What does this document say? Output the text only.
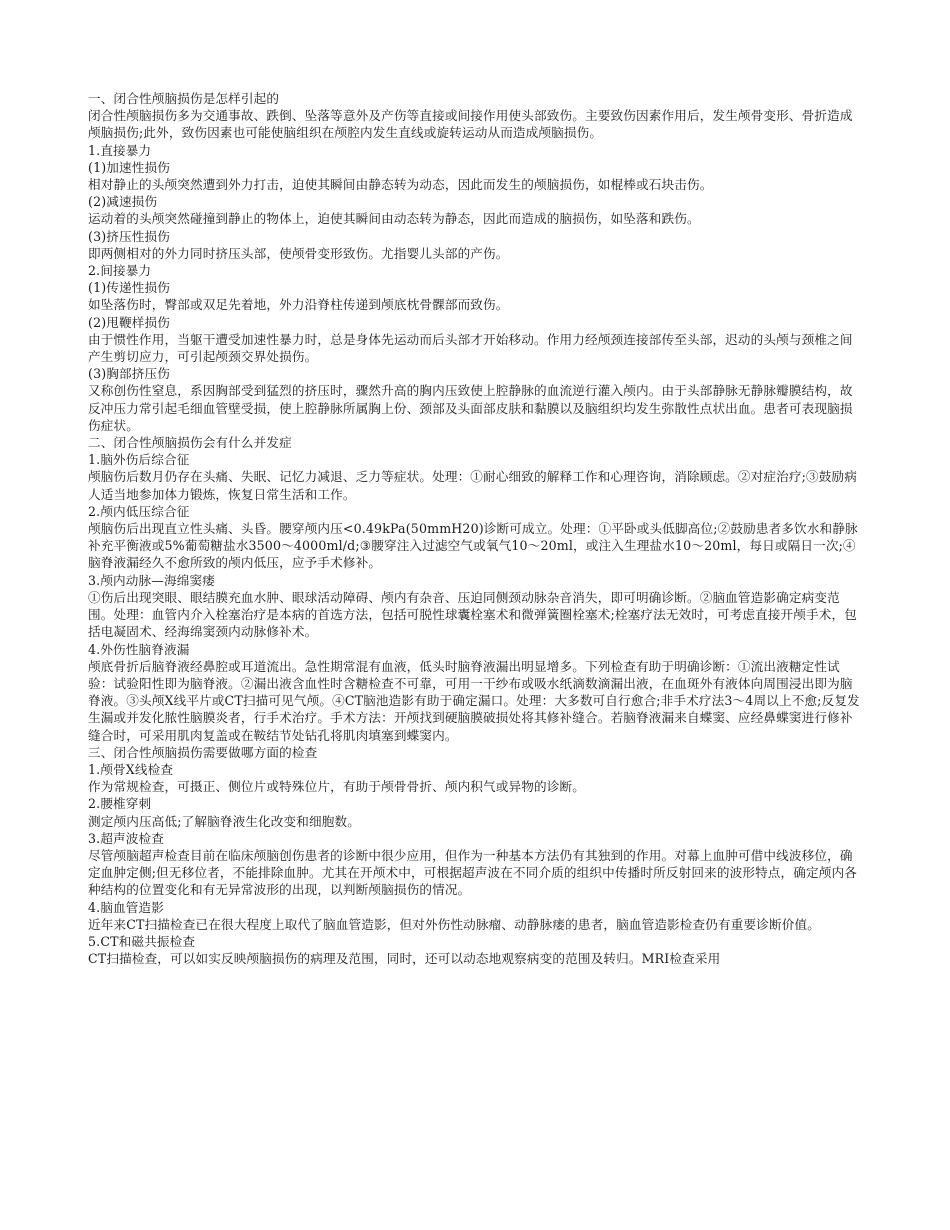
一、闭合性颅脑损伤是怎样引起的

闭合性颅脑损伤多为交通事故、跌倒、坠落等意外及产伤等直接或间接作用使头部致伤。主要致伤因素作用后，发生颅骨变形、骨折造成颅脑损伤;此外，致伤因素也可能使脑组织在颅腔内发生直线或旋转运动从而造成颅脑损伤。

1.直接暴力

(1)加速性损伤

相对静止的头颅突然遭到外力打击，迫使其瞬间由静态转为动态，因此而发生的颅脑损伤，如棍棒或石块击伤。

(2)减速损伤

运动着的头颅突然碰撞到静止的物体上，迫使其瞬间由动态转为静态，因此而造成的脑损伤，如坠落和跌伤。

(3)挤压性损伤

即两侧相对的外力同时挤压头部，使颅骨变形致伤。尤指婴儿头部的产伤。

2.间接暴力

(1)传递性损伤

如坠落伤时，臀部或双足先着地，外力沿脊柱传递到颅底枕骨髁部而致伤。

(2)甩鞭样损伤

由于惯性作用，当躯干遭受加速性暴力时，总是身体先运动而后头部才开始移动。作用力经颅颈连接部传至头部，迟动的头颅与颈椎之间产生剪切应力，可引起颅颈交界处损伤。

(3)胸部挤压伤

又称创伤性窒息，系因胸部受到猛烈的挤压时，骤然升高的胸内压致使上腔静脉的血流逆行灌入颅内。由于头部静脉无静脉瓣膜结构，故反冲压力常引起毛细血管壁受损，使上腔静脉所属胸上份、颈部及头面部皮肤和黏膜以及脑组织均发生弥散性点状出血。患者可表现脑损伤症状。

二、闭合性颅脑损伤会有什么并发症

1.脑外伤后综合征

颅脑伤后数月仍存在头痛、失眠、记忆力减退、乏力等症状。处理：①耐心细致的解释工作和心理咨询，消除顾虑。②对症治疗;③鼓励病人适当地参加体力锻炼，恢复日常生活和工作。

2.颅内低压综合征

颅脑伤后出现直立性头痛、头昏。腰穿颅内压<0.49kPa(50mmH20)诊断可成立。处理：①平卧或头低脚高位;②鼓励患者多饮水和静脉补充平衡液或5%葡萄糖盐水3500～4000ml/d;③腰穿注入过滤空气或氧气10～20ml，或注入生理盐水10～20ml，每日或隔日一次;④脑脊液漏经久不愈所致的颅内低压，应予手术修补。

3.颅内动脉—海绵窦瘘

①伤后出现突眼、眼结膜充血水肿、眼球活动障碍、颅内有杂音、压迫同侧颈动脉杂音消失，即可明确诊断。②脑血管造影确定病变范围。处理：血管内介入栓塞治疗是本病的首选方法，包括可脱性球囊栓塞术和微弹簧圈栓塞术;栓塞疗法无效时，可考虑直接开颅手术，包括电凝固术、经海绵窦颈内动脉修补术。

4.外伤性脑脊液漏

颅底骨折后脑脊液经鼻腔或耳道流出。急性期常混有血液，低头时脑脊液漏出明显增多。下列检查有助于明确诊断：①流出液糖定性试验：试验阳性即为脑脊液。②漏出液含血性时含糖检查不可靠，可用一干纱布或吸水纸滴数滴漏出液，在血斑外有液体向周围浸出即为脑脊液。③头颅X线平片或CT扫描可见气颅。④CT脑池造影有助于确定漏口。处理：大多数可自行愈合;非手术疗法3～4周以上不愈;反复发生漏或并发化脓性脑膜炎者，行手术治疗。手术方法：开颅找到硬脑膜破损处将其修补缝合。若脑脊液漏来自蝶窦、应经鼻蝶窦进行修补缝合时，可采用肌肉复盖或在鞍结节处钻孔将肌肉填塞到蝶窦内。

三、闭合性颅脑损伤需要做哪方面的检查

1.颅骨X线检查

作为常规检查，可摄正、侧位片或特殊位片，有助于颅骨骨折、颅内积气或异物的诊断。

2.腰椎穿刺

测定颅内压高低;了解脑脊液生化改变和细胞数。

3.超声波检查

尽管颅脑超声检查目前在临床颅脑创伤患者的诊断中很少应用，但作为一种基本方法仍有其独到的作用。对幕上血肿可借中线波移位，确定血肿定侧;但无移位者，不能排除血肿。尤其在开颅术中，可根据超声波在不同介质的组织中传播时所反射回来的波形特点，确定颅内各种结构的位置变化和有无异常波形的出现，以判断颅脑损伤的情况。

4.脑血管造影

近年来CT扫描检查已在很大程度上取代了脑血管造影，但对外伤性动脉瘤、动静脉瘘的患者，脑血管造影检查仍有重要诊断价值。

5.CT和磁共振检查

CT扫描检查，可以如实反映颅脑损伤的病理及范围，同时，还可以动态地观察病变的范围及转归。MRI检查采用
